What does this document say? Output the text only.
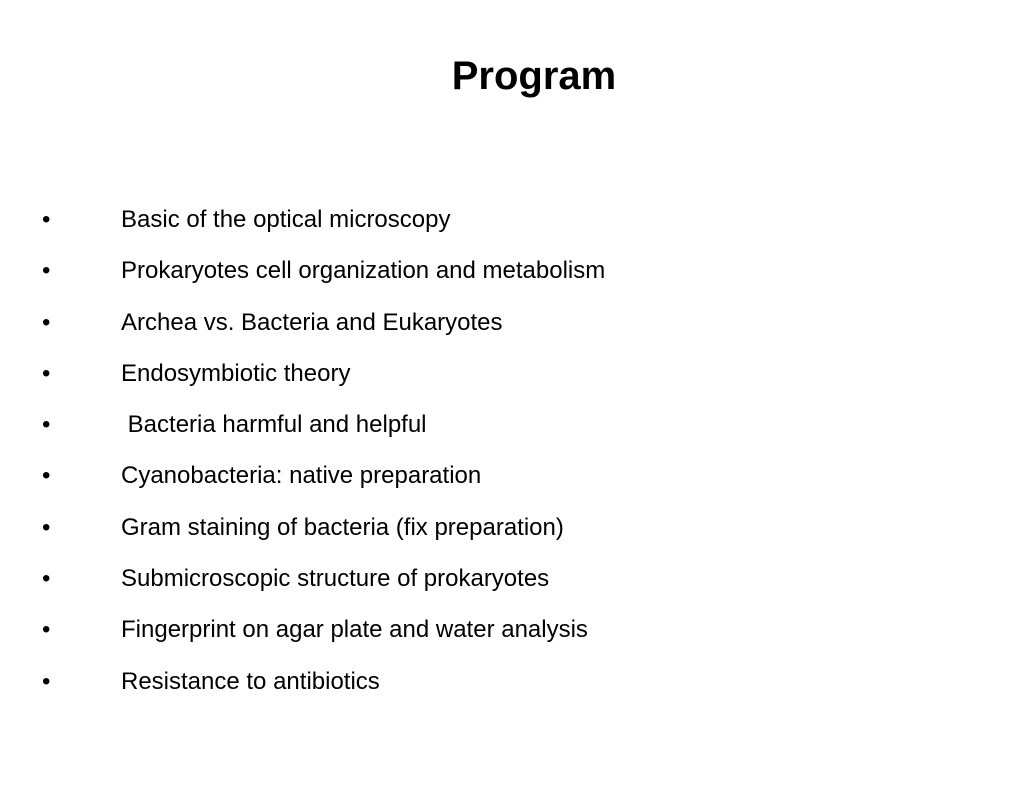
Program

•

	Basic of the optical microscopy

•

	Prokaryotes cell organization and metabolism

•

	Archea vs. Bacteria and Eukaryotes

•

	Endosymbiotic theory

•

	Bacteria harmful and helpful

•

	Cyanobacteria: native preparation

•

	Gram staining of bacteria (fix preparation)

•

	Submicroscopic structure of prokaryotes

•

	Fingerprint on agar plate and water analysis

•

	Resistance to antibiotics
